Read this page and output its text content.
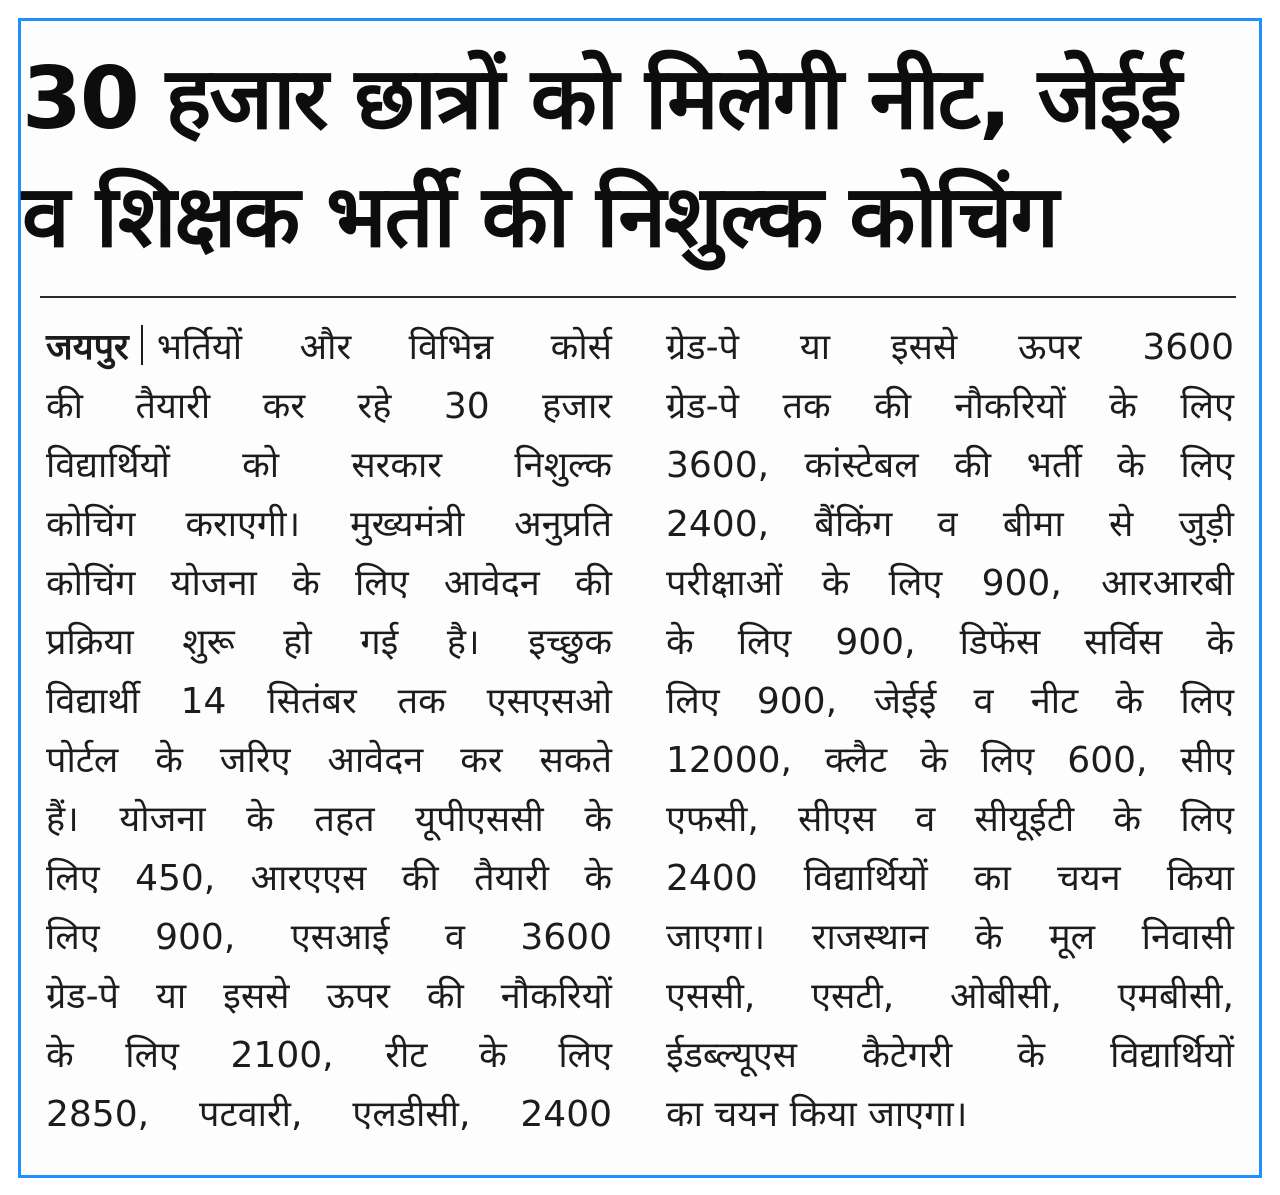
30 हजार छात्रों को मिलेगी नीट, जेईई
व शिक्षक भर्ती की निशुल्क कोचिंग
जयपुर भर्तियों और विभिन्न कोर्स
की तैयारी कर रहे 30 हजार
विद्यार्थियों को सरकार निशुल्क
कोचिंग कराएगी। मुख्यमंत्री अनुप्रति
कोचिंग योजना के लिए आवेदन की
प्रक्रिया शुरू हो गई है। इच्छुक
विद्यार्थी 14 सितंबर तक एसएसओ
पोर्टल के जरिए आवेदन कर सकते
हैं। योजना के तहत यूपीएससी के
लिए 450, आरएएस की तैयारी के
लिए 900, एसआई व 3600
ग्रेड-पे या इससे ऊपर की नौकरियों
के लिए 2100, रीट के लिए
2850, पटवारी, एलडीसी, 2400
ग्रेड-पे या इससे ऊपर 3600
ग्रेड-पे तक की नौकरियों के लिए
3600, कांस्टेबल की भर्ती के लिए
2400, बैंकिंग व बीमा से जुड़ी
परीक्षाओं के लिए 900, आरआरबी
के लिए 900, डिफेंस सर्विस के
लिए 900, जेईई व नीट के लिए
12000, क्लैट के लिए 600, सीए
एफसी, सीएस व सीयूईटी के लिए
2400 विद्यार्थियों का चयन किया
जाएगा। राजस्थान के मूल निवासी
एससी, एसटी, ओबीसी, एमबीसी,
ईडब्ल्यूएस कैटेगरी के विद्यार्थियों
का चयन किया जाएगा।
